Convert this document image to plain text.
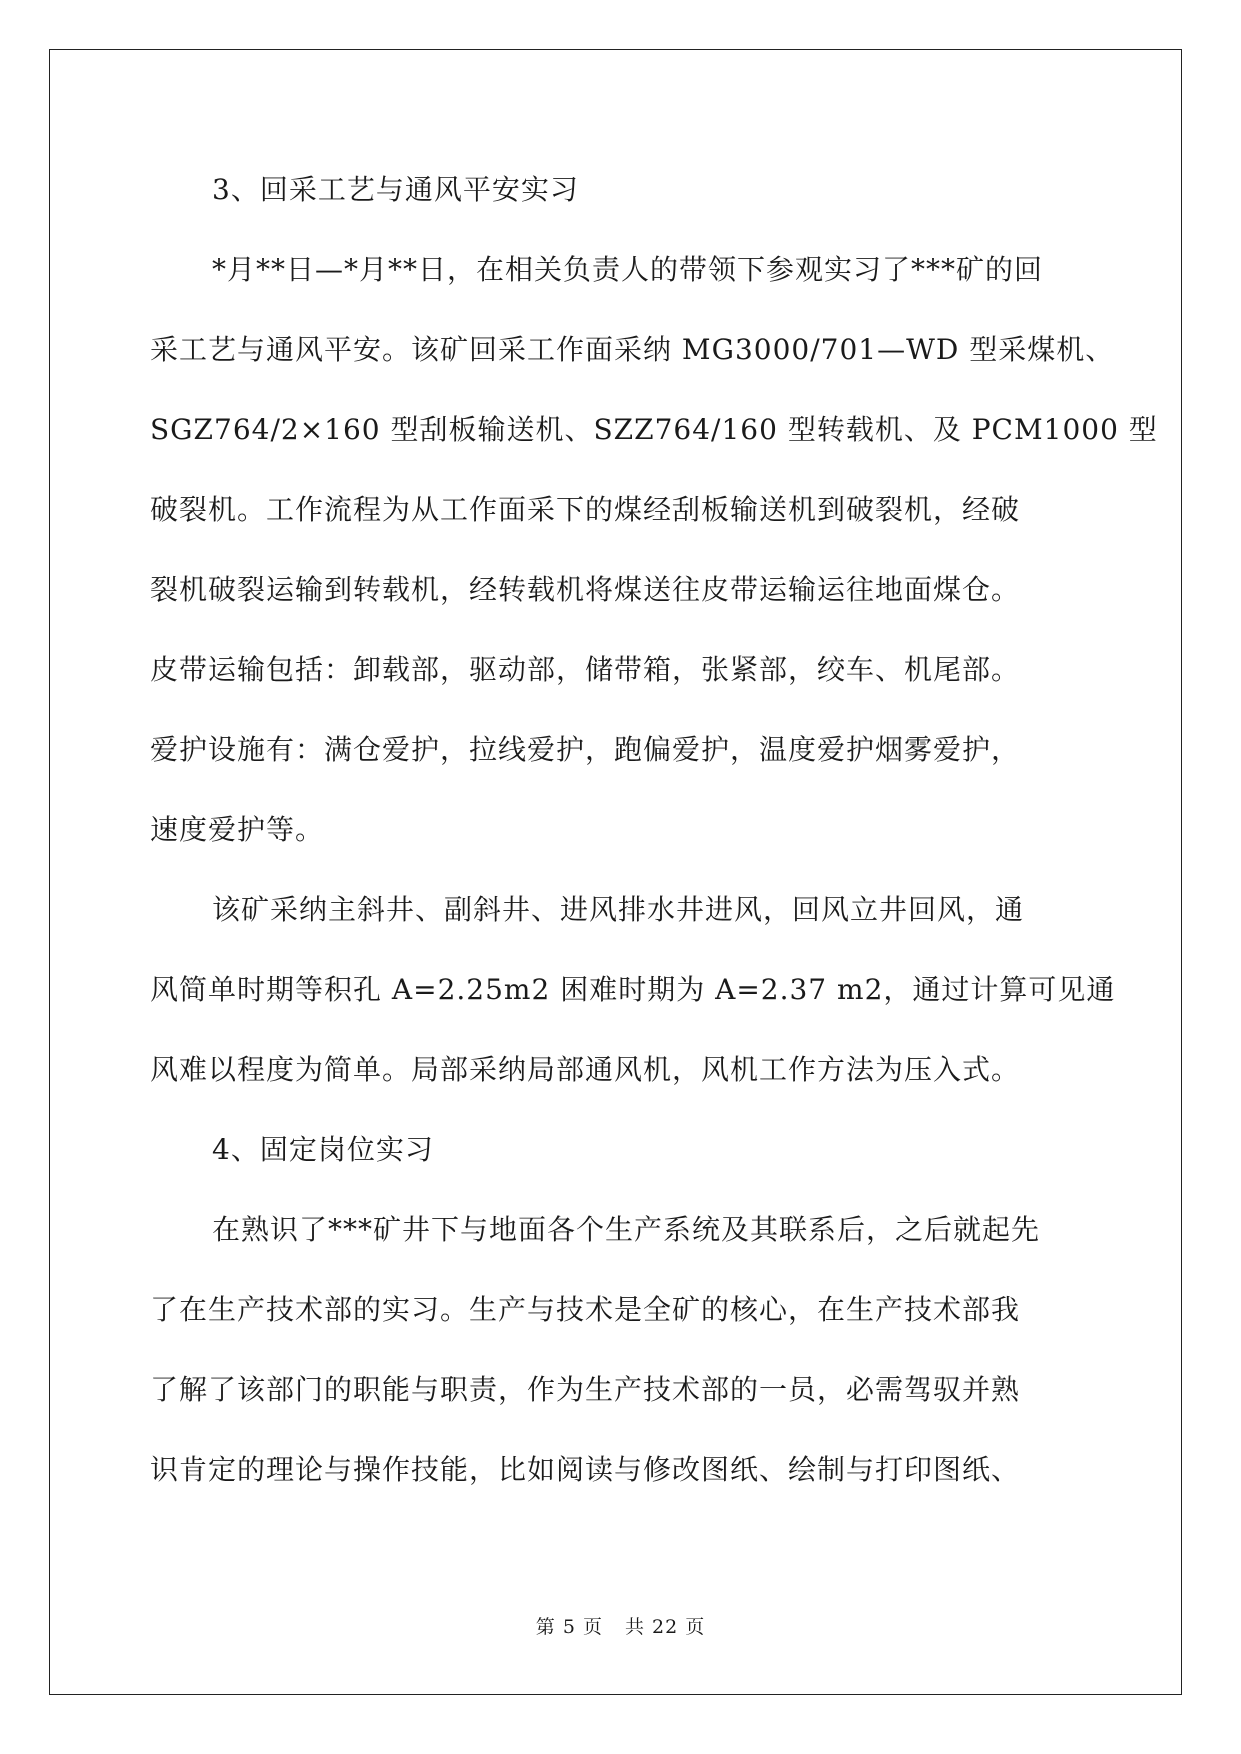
3、回采工艺与通风平安实习

*月**日—*月**日，在相关负责人的带领下参观实习了***矿的回
采工艺与通风平安。该矿回采工作面采纳 MG3000/701—WD 型采煤机、
SGZ764/2×160 型刮板输送机、SZZ764/160 型转载机、及 PCM1000 型
破裂机。工作流程为从工作面采下的煤经刮板输送机到破裂机，经破
裂机破裂运输到转载机，经转载机将煤送往皮带运输运往地面煤仓。
皮带运输包括：卸载部，驱动部，储带箱，张紧部，绞车、机尾部。
爱护设施有：满仓爱护，拉线爱护，跑偏爱护，温度爱护烟雾爱护，
速度爱护等。

该矿采纳主斜井、副斜井、进风排水井进风，回风立井回风，通
风简单时期等积孔 A=2.25m2 困难时期为 A=2.37 m2，通过计算可见通
风难以程度为简单。局部采纳局部通风机，风机工作方法为压入式。

4、固定岗位实习

在熟识了***矿井下与地面各个生产系统及其联系后，之后就起先
了在生产技术部的实习。生产与技术是全矿的核心，在生产技术部我
了解了该部门的职能与职责，作为生产技术部的一员，必需驾驭并熟
识肯定的理论与操作技能，比如阅读与修改图纸、绘制与打印图纸、

第 5 页 共 22 页
